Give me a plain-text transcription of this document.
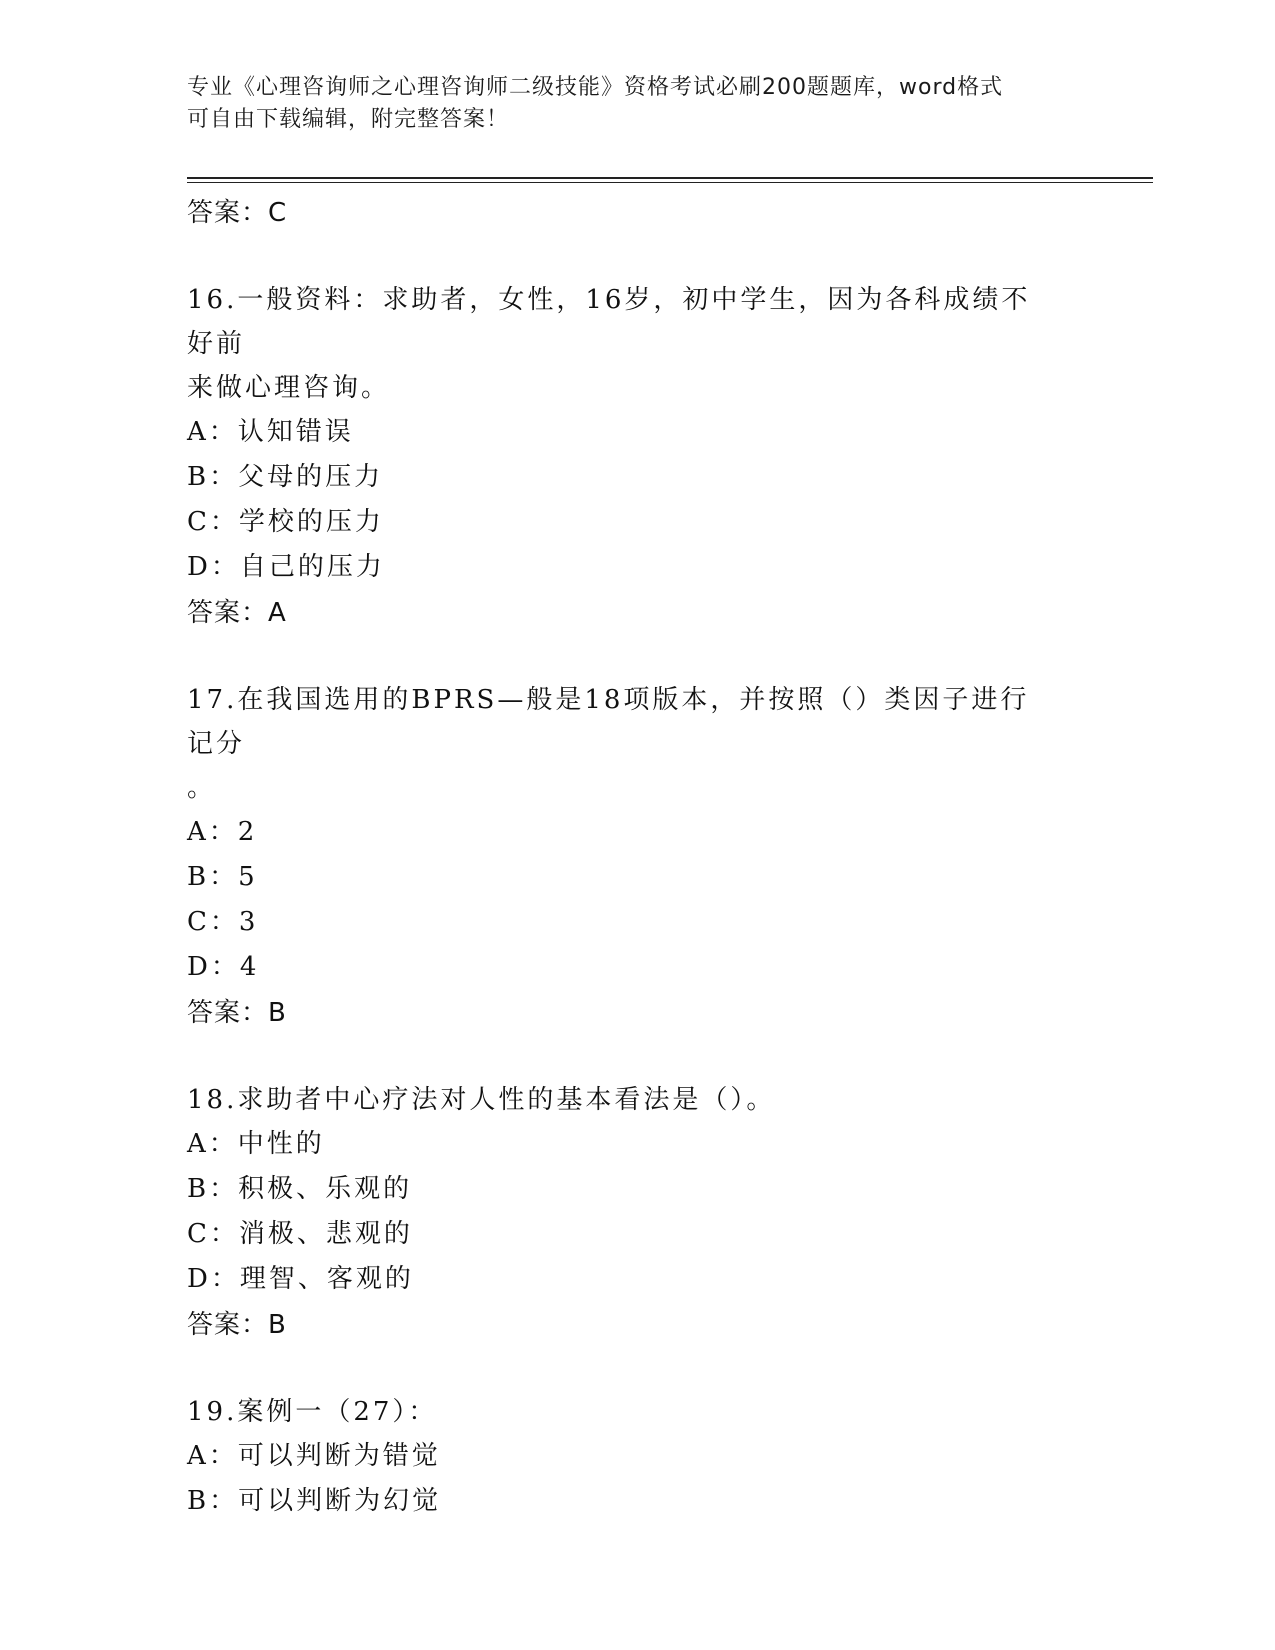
专业《心理咨询师之心理咨询师二级技能》资格考试必刷200题题库，word格式
可自由下载编辑，附完整答案！
答案：C
16.一般资料：求助者，女性，16岁，初中学生，因为各科成绩不好前
来做心理咨询。
A：认知错误
B：父母的压力
C：学校的压力
D：自己的压力
答案：A
17.在我国选用的BPRS—般是18项版本，并按照（）类因子进行记分
。
A：2
B：5
C：3
D：4
答案：B
18.求助者中心疗法对人性的基本看法是（）。
A：中性的
B：积极、乐观的
C：消极、悲观的
D：理智、客观的
答案：B
19.案例一（27）：
A：可以判断为错觉
B：可以判断为幻觉
